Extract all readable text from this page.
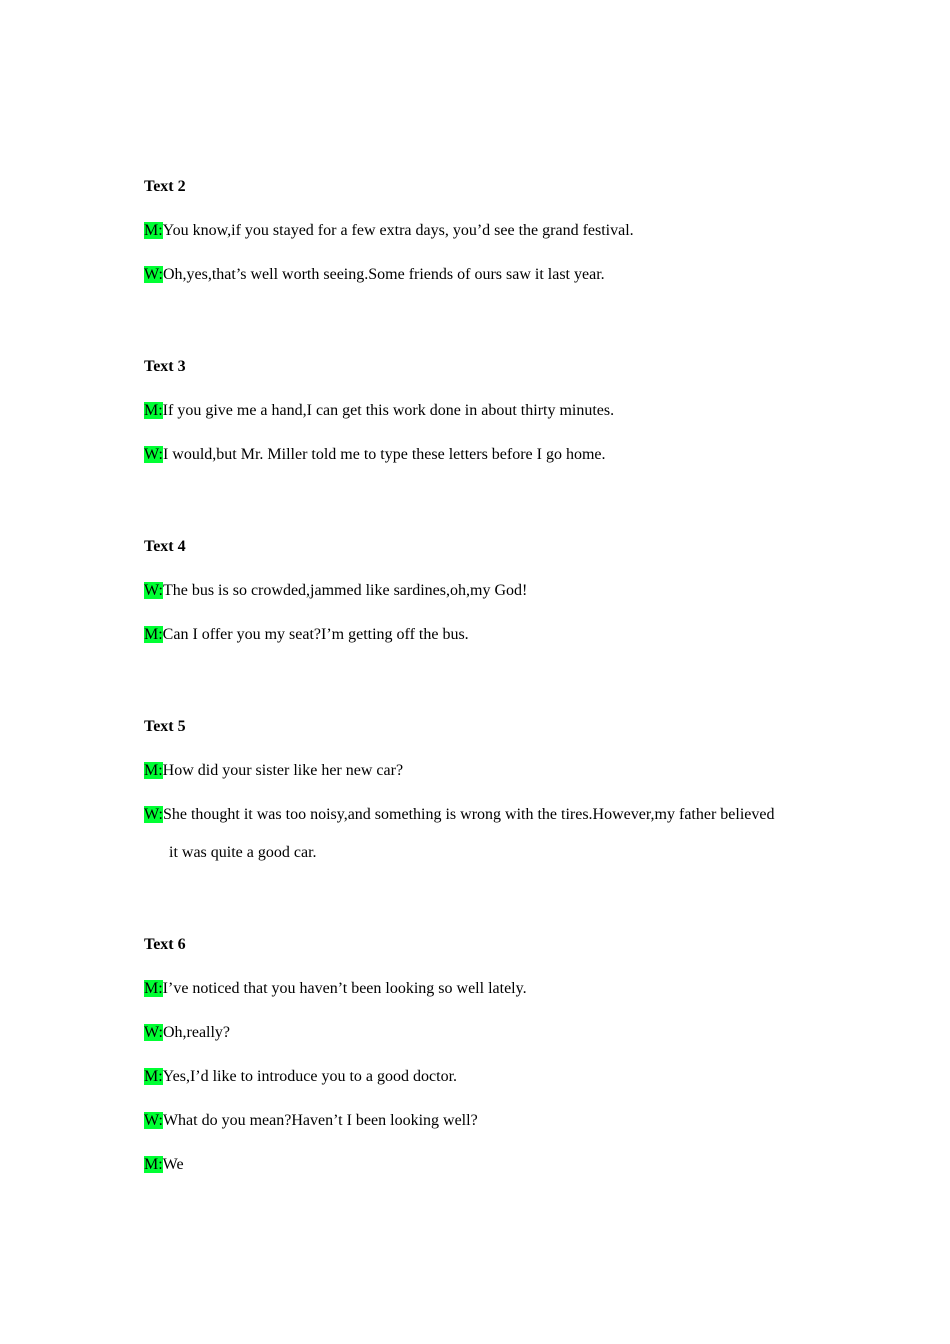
Text 2
M:You know,if you stayed for a few extra days, you’d see the grand festival.
W:Oh,yes,that’s well worth seeing.Some friends of ours saw it last year.
Text 3
M:If you give me a hand,I can get this work done in about thirty minutes.
W:I would,but Mr. Miller told me to type these letters before I go home.
Text 4
W:The bus is so crowded,jammed like sardines,oh,my God!
M:Can I offer you my seat?I’m getting off the bus.
Text 5
M:How did your sister like her new car?
W:She thought it was too noisy,and something is wrong with the tires.However,my father believed
it was quite a good car.
Text 6
M:I’ve noticed that you haven’t been looking so well lately.
W:Oh,really?
M:Yes,I’d like to introduce you to a good doctor.
W:What do you mean?Haven’t I been looking well?
M:We
